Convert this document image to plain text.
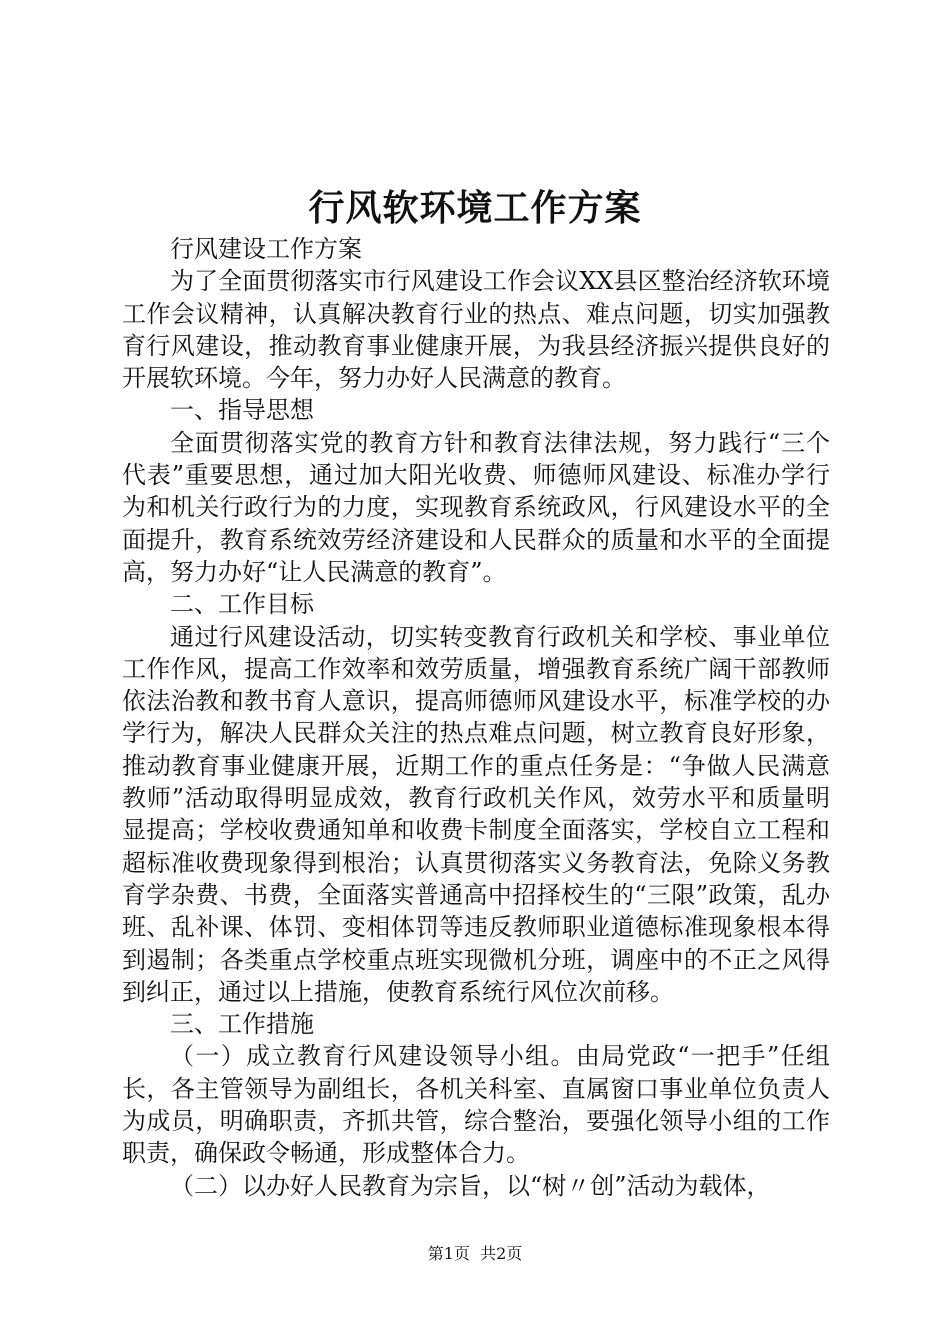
行风软环境工作方案

行风建设工作方案

为了全面贯彻落实市行风建设工作会议XX县区整治经济软环境工作会议精神，认真解决教育行业的热点、难点问题，切实加强教育行风建设，推动教育事业健康开展，为我县经济振兴提供良好的开展软环境。今年，努力办好人民满意的教育。

一、指导思想

全面贯彻落实党的教育方针和教育法律法规，努力践行“三个代表”重要思想，通过加大阳光收费、师德师风建设、标准办学行为和机关行政行为的力度，实现教育系统政风，行风建设水平的全面提升，教育系统效劳经济建设和人民群众的质量和水平的全面提高，努力办好“让人民满意的教育”。

二、工作目标

通过行风建设活动，切实转变教育行政机关和学校、事业单位工作作风，提高工作效率和效劳质量，增强教育系统广阔干部教师依法治教和教书育人意识，提高师德师风建设水平，标准学校的办学行为，解决人民群众关注的热点难点问题，树立教育良好形象，推动教育事业健康开展，近期工作的重点任务是：“争做人民满意教师”活动取得明显成效，教育行政机关作风，效劳水平和质量明显提高；学校收费通知单和收费卡制度全面落实，学校自立工程和超标准收费现象得到根治；认真贯彻落实义务教育法，免除义务教育学杂费、书费，全面落实普通高中招择校生的“三限”政策，乱办班、乱补课、体罚、变相体罚等违反教师职业道德标准现象根本得到遏制；各类重点学校重点班实现微机分班，调座中的不正之风得到纠正，通过以上措施，使教育系统行风位次前移。

三、工作措施

（一）成立教育行风建设领导小组。由局党政“一把手”任组长，各主管领导为副组长，各机关科室、直属窗口事业单位负责人为成员，明确职责，齐抓共管，综合整治，要强化领导小组的工作职责，确保政令畅通，形成整体合力。

（二）以办好人民教育为宗旨，以“树〃创”活动为载体，

第1页 共2页
